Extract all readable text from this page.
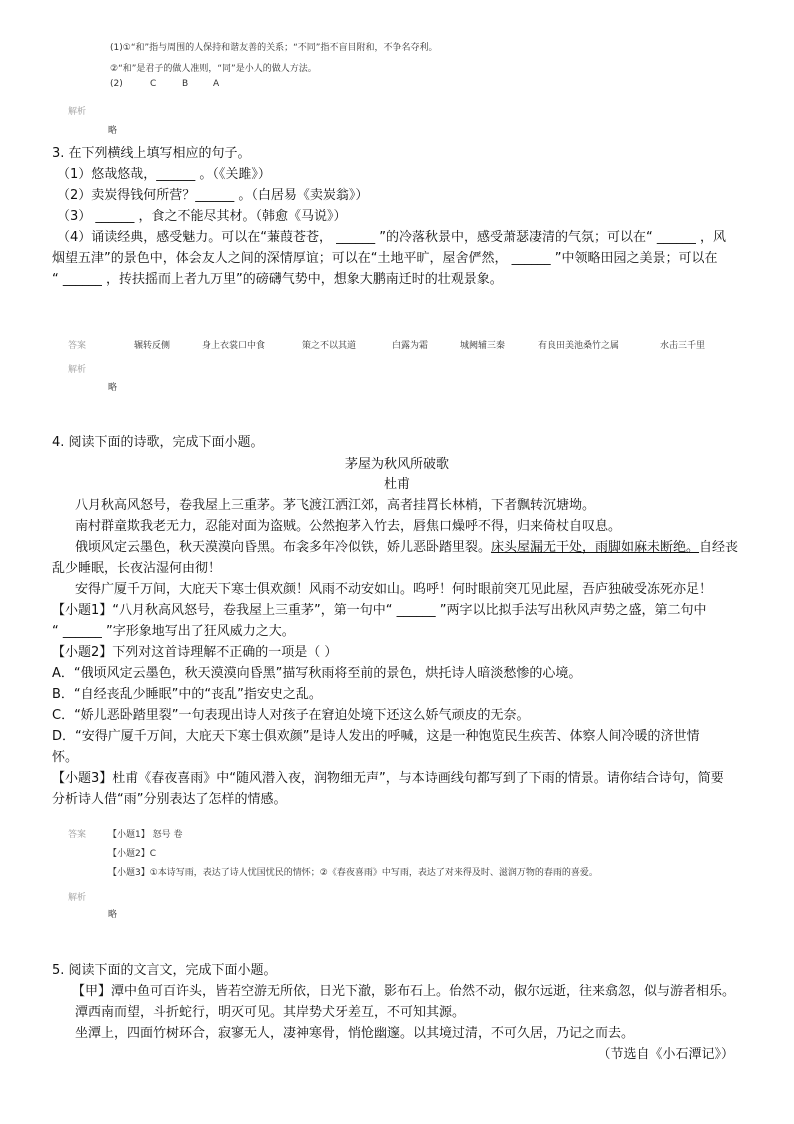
(1)①“和”指与周围的人保持和谐友善的关系；“不同”指不盲目附和，不争名夺利。
②“和”是君子的做人准则，“同”是小人的做人方法。
(2)	C	B	A
解析
略
3. 在下列横线上填写相应的句子。
（1）悠哉悠哉，______ 。（《关雎》）
（2）卖炭得钱何所营？______ 。（白居易《卖炭翁》）
（3） ______ ，食之不能尽其材。（韩愈《马说》）
（4）诵读经典，感受魅力。可以在“蒹葭苍苍， ______ ”的冷落秋景中，感受萧瑟凄清的气氛；可以在“ ______ ，风
烟望五津”的景色中，体会友人之间的深情厚谊；可以在“土地平旷，屋舍俨然， ______ ”中领略田园之美景；可以在
“ ______ ，抟扶摇而上者九万里”的磅礴气势中，想象大鹏南迁时的壮观景象。
答案	辗转反侧	身上衣裳口中食	策之不以其道	白露为霜	城阙辅三秦	有良田美池桑竹之属	水击三千里
解析
略
4. 阅读下面的诗歌，完成下面小题。
茅屋为秋风所破歌
杜甫
八月秋高风怒号，卷我屋上三重茅。茅飞渡江洒江郊，高者挂罥长林梢，下者飘转沉塘坳。
南村群童欺我老无力，忍能对面为盗贼。公然抱茅入竹去，唇焦口燥呼不得，归来倚杖自叹息。
俄顷风定云墨色，秋天漠漠向昏黑。布衾多年冷似铁，娇儿恶卧踏里裂。床头屋漏无干处，雨脚如麻未断绝。自经丧
乱少睡眠，长夜沾湿何由彻！
安得广厦千万间，大庇天下寒士俱欢颜！风雨不动安如山。呜呼！何时眼前突兀见此屋，吾庐独破受冻死亦足！
【小题1】“八月秋高风怒号，卷我屋上三重茅”，第一句中“ ______ ”两字以比拟手法写出秋风声势之盛，第二句中
“ ______ ”字形象地写出了狂风威力之大。
【小题2】下列对这首诗理解不正确的一项是（ ）
A．“俄顷风定云墨色，秋天漠漠向昏黑”描写秋雨将至前的景色，烘托诗人暗淡愁惨的心境。
B．“自经丧乱少睡眠”中的“丧乱”指安史之乱。
C．“娇儿恶卧踏里裂”一句表现出诗人对孩子在窘迫处境下还这么娇气顽皮的无奈。
D．“安得广厦千万间，大庇天下寒士俱欢颜”是诗人发出的呼喊，这是一种饱览民生疾苦、体察人间冷暖的济世情
怀。
【小题3】杜甫《春夜喜雨》中“随风潜入夜，润物细无声”，与本诗画线句都写到了下雨的情景。请你结合诗句，简要
分析诗人借“雨”分别表达了怎样的情感。
答案 【小题1】 怒号 卷
【小题2】C
【小题3】①本诗写雨，表达了诗人忧国忧民的情怀；②《春夜喜雨》中写雨，表达了对来得及时、滋润万物的春雨的喜爱。
解析
略
5. 阅读下面的文言文，完成下面小题。
【甲】潭中鱼可百许头，皆若空游无所依，日光下澈，影布石上。佁然不动，俶尔远逝，往来翕忽，似与游者相乐。
潭西南而望，斗折蛇行，明灭可见。其岸势犬牙差互，不可知其源。
坐潭上，四面竹树环合，寂寥无人，凄神寒骨，悄怆幽邃。以其境过清，不可久居，乃记之而去。
（节选自《小石潭记》）
